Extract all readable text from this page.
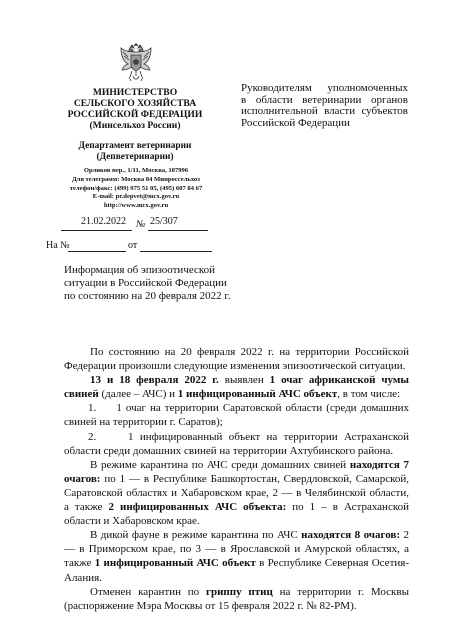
МИНИСТЕРСТВО
СЕЛЬСКОГО ХОЗЯЙСТВА
РОССИЙСКОЙ ФЕДЕРАЦИИ
(Минсельхоз России)
Департамент ветеринарии
(Депветеринарии)
Орликов пер., 1/11, Москва, 107996
Для телеграмм: Москва 84 Минроссельхоз
телефон/факс: (499) 975 51 05, (495) 607 84 67
E-mail: pr.depvet@mcx.gov.ru
http://www.mcx.gov.ru
21.02.2022 № 25/307
На №	от
Руководителям уполномоченных
в области ветеринарии органов
исполнительной власти субъектов
Российской Федерации
Информация об эпизоотической
ситуации в Российской Федерации
по состоянию на 20 февраля 2022 г.

По состоянию на 20 февраля 2022 г. на территории Российской Федерации произошли следующие изменения эпизоотической ситуации.

13 и 18 февраля 2022 г. выявлен 1 очаг африканской чумы свиней (далее – АЧС) и 1 инфицированный АЧС объект, в том числе:

1.     1 очаг на территории Саратовской области (среди домашних свиней на территории г. Саратов);

2.     1 инфицированный объект на территории Астраханской области среди домашних свиней на территории Ахтубинского района.

В режиме карантина по АЧС среди домашних свиней находятся 7 очагов: по 1 — в Республике Башкортостан, Свердловской, Самарской, Саратовской областях и Хабаровском крае, 2 — в Челябинской области, а также 2 инфицированных АЧС объекта: по 1 – в Астраханской области и Хабаровском крае.

В дикой фауне в режиме карантина по АЧС находятся 8 очагов: 2 — в Приморском крае, по 3 — в Ярославской и Амурской областях, а также 1 инфицированный АЧС объект в Республике Северная Осетия-Алания.

Отменен карантин по гриппу птиц на территории г. Москвы (распоряжение Мэра Москвы от 15 февраля 2022 г. № 82-РМ).
